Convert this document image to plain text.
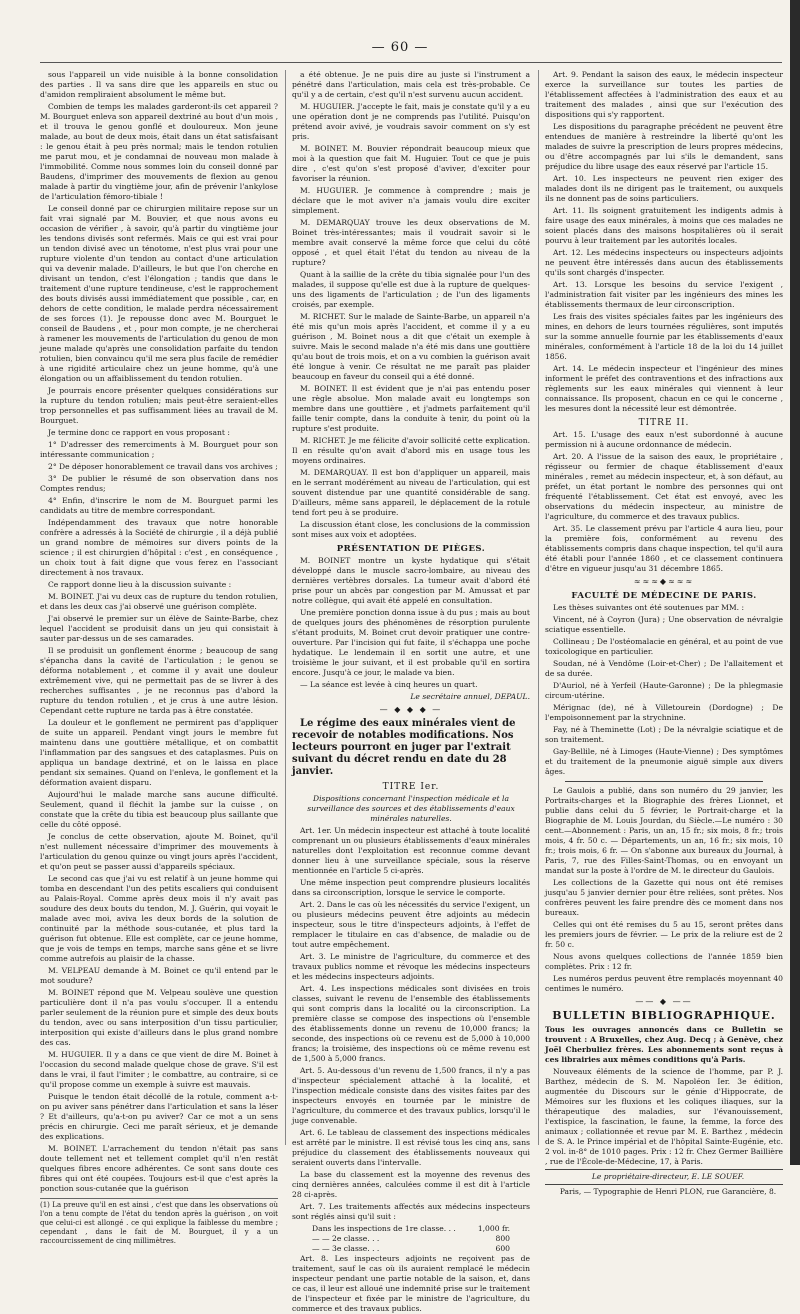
— 60 —

sous l'appareil un vide nuisible à la bonne consolidation des parties . Il va sans dire que les appareils en stuc ou d'amidon rempliraient absolument le même but.

Combien de temps les malades garderont-ils cet appareil ? M. Bourguet enleva son appareil dextriné au bout d'un mois , et il trouva le genou gonflé et douloureux. Mon jeune malade, au bout de deux mois, était dans un état satisfaisant : le genou était à peu près normal; mais le tendon rotulien me parut mou, et je condamnai de nouveau mon malade à l'immobilité. Comme nous sommes loin du conseil donné par Baudens, d'imprimer des mouvements de flexion au genou malade à partir du vingtième jour, afin de prévenir l'ankylose de l'articulation fémoro-tibiale !

Le conseil donné par ce chirurgien militaire repose sur un fait vrai signalé par M. Bouvier, et que nous avons eu occasion de vérifier , à savoir, qu'à partir du vingtième jour les tendons divisés sont refermés. Mais ce qui est vrai pour un tendon divisé avec un ténotome, n'est plus vrai pour une rupture violente d'un tendon au contact d'une articulation qui va devenir malade. D'ailleurs, le but que l'on cherche en divisant un tendon, c'est l'élongation ; tandis que dans le traitement d'une rupture tendineuse, c'est le rapprochement des bouts divisés aussi immédiatement que possible , car, en dehors de cette condition, le malade perdra nécessairement de ses forces (1). Je repousse donc avec M. Bourguet le conseil de Baudens , et , pour mon compte, je ne chercherai à ramener les mouvements de l'articulation du genou de mon jeune malade qu'après une consolidation parfaite du tendon rotulien, bien convaincu qu'il me sera plus facile de remédier à une rigidité articulaire chez un jeune homme, qu'à une élongation ou un affaiblissement du tendon rotulien.

Je pourrais encore présenter quelques considérations sur la rupture du tendon rotulien; mais peut-être seraient-elles trop personnelles et pas suffisamment liées au travail de M. Bourguet.

Je termine donc ce rapport en vous proposant :

1° D'adresser des remerciments à M. Bourguet pour son intéressante communication ;

2° De déposer honorablement ce travail dans vos archives ;

3° De publier le résumé de son observation dans nos Comptes rendus;

4° Enfin, d'inscrire le nom de M. Bourguet parmi les candidats au titre de membre correspondant.

Indépendamment des travaux que notre honorable confrère a adressés à la Société de chirurgie , il a déjà publié un grand nombre de mémoires sur divers points de la science ; il est chirurgien d'hôpital : c'est , en conséquence , un choix tout à fait digne que vous ferez en l'associant directement à nos travaux.

Ce rapport donne lieu à la discussion suivante :

M. BOINET. J'ai vu deux cas de rupture du tendon rotulien, et dans les deux cas j'ai observé une guérison complète.

J'ai observé le premier sur un élève de Sainte-Barbe, chez lequel l'accident se produisit dans un jeu qui consistait à sauter par-dessus un de ses camarades.

Il se produisit un gonflement énorme ; beaucoup de sang s'épancha dans la cavité de l'articulation ; le genou se déforma notablement , et comme il y avait une douleur extrêmement vive, qui ne permettait pas de se livrer à des recherches suffisantes , je ne reconnus pas d'abord la rupture du tendon rotulien , et je crus à une autre lésion. Cependant cette rupture ne tarda pas à être constatée.

La douleur et le gonflement ne permirent pas d'appliquer de suite un appareil. Pendant vingt jours le membre fut maintenu dans une gouttière métallique, et on combattit l'inflammation par des sangsues et des cataplasmes. Puis on appliqua un bandage dextriné, et on le laissa en place pendant six semaines. Quand on l'enleva, le gonflement et la déformation avaient disparu.

Aujourd'hui le malade marche sans aucune difficulté. Seulement, quand il fléchit la jambe sur la cuisse , on constate que la crête du tibia est beaucoup plus saillante que celle du côté opposé.

Je conclus de cette observation, ajoute M. Boinet, qu'il n'est nullement nécessaire d'imprimer des mouvements à l'articulation du genou quinze ou vingt jours après l'accident, et qu'on peut se passer aussi d'appareils spéciaux.

Le second cas que j'ai vu est relatif à un jeune homme qui tomba en descendant l'un des petits escaliers qui conduisent au Palais-Royal. Comme après deux mois il n'y avait pas soudure des deux bouts du tendon, M. J. Guérin, qui voyait le malade avec moi, avivа les deux bords de la solution de continuité par la méthode sous-cutanée, et plus tard la guérison fut obtenue. Elle est complète, car ce jeune homme, que je vois de temps en temps, marche sans gêne et se livre comme autrefois au plaisir de la chasse.

M. VELPEAU demande à M. Boinet ce qu'il entend par le mot soudure?

M. BOINET répond que M. Velpeau soulève une question particulière dont il n'a pas voulu s'occuper. Il a entendu parler seulement de la réunion pure et simple des deux bouts du tendon, avec ou sans interposition d'un tissu particulier, interposition qui existe d'ailleurs dans le plus grand nombre des cas.

M. HUGUIER. Il y a dans ce que vient de dire M. Boinet à l'occasion du second malade quelque chose de grave. S'il est dans le vrai, il faut l'imiter ; le combattre, au contraire, si ce qu'il propose comme un exemple à suivre est mauvais.

Puisque le tendon était décollé de la rotule, comment a-t-on pu aviver sans pénétrer dans l'articulation et sans la léser ? Et d'ailleurs, qu'a-t-on pu aviver? Car ce mot a un sens précis en chirurgie. Ceci me paraît sérieux, et je demande des explications.

M. BOINET. L'arrachement du tendon n'était pas sans doute tellement net et tellement complet qu'il n'en restât quelques fibres encore adhérentes. Ce sont sans doute ces fibres qui ont été coupées. Toujours est-il que c'est après la ponction sous-cutanée que la guérison

(1) La preuve qu'il en est ainsi , c'est que dans les observations où l'on a tenu compte de l'état du tendon après la guérison , on voit que celui-ci est allongé . ce qui explique la faiblesse du membre ; cependant , dans le fait de M. Bourguet, il y a un raccourcissement de cinq millimètres.

a été obtenue. Je ne puis dire au juste si l'instrument a pénétré dans l'articulation, mais cela est très-probable. Ce qu'il y a de certain, c'est qu'il n'est survenu aucun accident.

M. HUGUIER. J'accepte le fait, mais je constate qu'il y a eu une opération dont je ne comprends pas l'utilité. Puisqu'on prétend avoir avivé, je voudrais savoir comment on s'y est pris.

M. BOINET. M. Bouvier répondrait beaucoup mieux que moi à la question que fait M. Huguier. Tout ce que je puis dire , c'est qu'on s'est proposé d'aviver, d'exciter pour favoriser la réunion.

M. HUGUIER. Je commence à comprendre ; mais je déclare que le mot aviver n'a jamais voulu dire exciter simplement.

M. DEMARQUAY trouve les deux observations de M. Boinet très-intéressantes; mais il voudrait savoir si le membre avait conservé la même force que celui du côté opposé , et quel était l'état du tendon au niveau de la rupture?

Quant à la saillie de la crête du tibia signalée pour l'un des malades, il suppose qu'elle est due à la rupture de quelques-uns des ligaments de l'articulation ; de l'un des ligaments croisés, par exemple.

M. RICHET. Sur le malade de Sainte-Barbe, un appareil n'a été mis qu'un mois après l'accident, et comme il y a eu guérison , M. Boinet nous a dit que c'était un exemple à suivre. Mais le second malade n'a été mis dans une gouttière qu'au bout de trois mois, et on a vu combien la guérison avait été longue à venir. Ce résultat ne me paraît pas plaider beaucoup en faveur du conseil qui a été donné.

M. BOINET. Il est évident que je n'ai pas entendu poser une règle absolue. Mon malade avait eu longtemps son membre dans une gouttière , et j'admets parfaitement qu'il faille tenir compte, dans la conduite à tenir, du point où la rupture s'est produite.

M. RICHET. Je me félicite d'avoir sollicité cette explication. Il en résulte qu'on avait d'abord mis en usage tous les moyens ordinaires.

M. DEMARQUAY. Il est bon d'appliquer un appareil, mais en le serrant modérément au niveau de l'articulation, qui est souvent distendue par une quantité considérable de sang. D'ailleurs, même sans appareil, le déplacement de la rotule tend fort peu à se produire.

La discussion étant close, les conclusions de la commission sont mises aux voix et adoptées.

PRÉSENTATION DE PIÈGES.

M. BOINET montre un kyste hydatique qui s'était développé dans le muscle sacro-lombaire, au niveau des dernières vertèbres dorsales. La tumeur avait d'abord été prise pour un abcès par congestion par M. Amussat et par notre collègue, qui avait été appelé en consultation.

Une première ponction donna issue à du pus ; mais au bout de quelques jours des phénomènes de résorption purulente s'étant produits, M. Boinet crut devoir pratiquer une contre-ouverture. Par l'incision qui fut faite, il s'échappa une poche hydatique. Le lendemain il en sortit une autre, et une troisième le jour suivant, et il est probable qu'il en sortira encore. Jusqu'à ce jour, le malade va bien.

— La séance est levée à cinq heures un quart.

Le secrétaire annuel, DEPAUL.

— ◆ ◆ ◆ —

Le régime des eaux minérales vient de recevoir de notables modifications. Nos lecteurs pourront en juger par l'extrait suivant du décret rendu en date du 28 janvier.

TITRE Ier.

Dispositions concernant l'inspection médicale et la surveillance des sources et des établissements d'eaux minérales naturelles.

Art. 1er. Un médecin inspecteur est attaché à toute localité comprenant un ou plusieurs établissements d'eaux minérales naturelles dont l'exploitation est reconnue comme devant donner lieu à une surveillance spéciale, sous la réserve mentionnée en l'article 5 ci-après.

Une même inspection peut comprendre plusieurs localités dans sa circonscription, lorsque le service le comporte.

Art. 2. Dans le cas où les nécessités du service l'exigent, un ou plusieurs médecins peuvent être adjoints au médecin inspecteur, sous le titre d'inspecteurs adjoints, à l'effet de remplacer le titulaire en cas d'absence, de maladie ou de tout autre empêchement.

Art. 3. Le ministre de l'agriculture, du commerce et des travaux publics nomme et révoque les médecins inspecteurs et les médecins inspecteurs adjoints.

Art. 4. Les inspections médicales sont divisées en trois classes, suivant le revenu de l'ensemble des établissements qui sont compris dans la localité ou la circonscription. La première classe se compose des inspections où l'ensemble des établissements donne un revenu de 10,000 francs; la seconde, des inspections où ce revenu est de 5,000 à 10,000 francs; la troisième, des inspections où ce même revenu est de 1,500 à 5,000 francs.

Art. 5. Au-dessous d'un revenu de 1,500 francs, il n'y a pas d'inspecteur spécialement attaché à la localité, et l'inspection médicale consiste dans des visites faites par des inspecteurs envoyés en tournée par le ministre de l'agriculture, du commerce et des travaux publics, lorsqu'il le juge convenable.

Art. 6. Le tableau de classement des inspections médicales est arrêté par le ministre. Il est révisé tous les cinq ans, sans préjudice du classement des établissements nouveaux qui seraient ouverts dans l'intervalle.

La base du classement est la moyenne des revenus des cinq dernières années, calculées comme il est dit à l'article 28 ci-après.

Art. 7. Les traitements affectés aux médecins inspecteurs sont réglés ainsi qu'il suit :

Dans les inspections de 1re classe. . .	1,000 fr.
— — 2e classe. . .	800
— — 3e classe. . .	600

Art. 8. Les inspecteurs adjoints ne reçoivent pas de traitement, sauf le cas où ils auraient remplacé le médecin inspecteur pendant une partie notable de la saison, et, dans ce cas, il leur est alloué une indemnité prise sur le traitement de l'inspecteur et fixée par le ministre de l'agriculture, du commerce et des travaux publics.

Art. 9. Pendant la saison des eaux, le médecin inspecteur exerce la surveillance sur toutes les parties de l'établissement affectées à l'administration des eaux et au traitement des malades , ainsi que sur l'exécution des dispositions qui s'y rapportent.

Les dispositions du paragraphe précédent ne peuvent être entendues de manière à restreindre la liberté qu'ont les malades de suivre la prescription de leurs propres médecins, ou d'être accompagnés par lui s'ils le demandent, sans préjudice du libre usage des eaux réservé par l'article 15.

Art. 10. Les inspecteurs ne peuvent rien exiger des malades dont ils ne dirigent pas le traitement, ou auxquels ils ne donnent pas de soins particuliers.

Art. 11. Ils soignent gratuitement les indigents admis à faire usage des eaux minérales, à moins que ces malades ne soient placés dans des maisons hospitalières où il serait pourvu à leur traitement par les autorités locales.

Art. 12. Les médecins inspecteurs ou inspecteurs adjoints ne peuvent être intéressés dans aucun des établissements qu'ils sont chargés d'inspecter.

Art. 13. Lorsque les besoins du service l'exigent , l'administration fait visiter par les ingénieurs des mines les établissements thermaux de leur circonscription.

Les frais des visites spéciales faites par les ingénieurs des mines, en dehors de leurs tournées régulières, sont imputés sur la somme annuelle fournie par les établissements d'eaux minérales, conformément à l'article 18 de la loi du 14 juillet 1856.

Art. 14. Le médecin inspecteur et l'ingénieur des mines informent le préfet des contraventions et des infractions aux règlements sur les eaux minérales qui viennent à leur connaissance. Ils proposent, chacun en ce qui le concerne , les mesures dont la nécessité leur est démontrée.

TITRE II.

Art. 15. L'usage des eaux n'est subordonné à aucune permission ni à aucune ordonnance de médecin.

Art. 20. A l'issue de la saison des eaux, le propriétaire , régisseur ou fermier de chaque établissement d'eaux minérales , remet au médecin inspecteur, et, à son défaut, au préfet, un état portant le nombre des personnes qui ont fréquenté l'établissement. Cet état est envoyé, avec les observations du médecin inspecteur, au ministre de l'agriculture, du commerce et des travaux publics.

Art. 35. Le classement prévu par l'article 4 aura lieu, pour la première fois, conformément au revenu des établissements compris dans chaque inspection, tel qu'il aura été établi pour l'année 1860 , et ce classement continuera d'être en vigueur jusqu'au 31 décembre 1865.

≈≈≈◆≈≈≈
FACULTÉ DE MÉDECINE DE PARIS.

Les thèses suivantes ont été soutenues par MM. :

Vincent, né à Coyron (Jura) ; Une observation de névralgie sciatique essentielle.

Collineau ; De l'ostéomalacie en général, et au point de vue toxicologique en particulier.

Soudan, né à Vendôme (Loir-et-Cher) ; De l'allaitement et de sa durée.

D'Auriol, né à Yerfeil (Haute-Garonne) ; De la phlegmasie circum-utérine.

Mérignac (de), né à Villetourein (Dordogne) ; De l'empoisonnement par la strychnine.

Fay, né à Theminette (Lot) ; De la névralgie sciatique et de son traitement.

Gay-Bellile, né à Limoges (Haute-Vienne) ; Des symptômes et du traitement de la pneumonie aiguë simple aux divers âges.

Le Gaulois a publié, dans son numéro du 29 janvier, les Portraits-charges et la Biographie des frères Lionnet, et publie dans celui du 5 février, le Portrait-charge et la Biographie de M. Louis Jourdan, du Siècle.—Le numéro : 30 cent.—Abonnement : Paris, un an, 15 fr.; six mois, 8 fr.; trois mois, 4 fr. 50 c. — Départements, un an, 16 fr.; six mois, 10 fr.; trois mois, 6 fr. — On s'abonne aux bureaux du Journal, à Paris, 7, rue des Filles-Saint-Thomas, ou en envoyant un mandat sur la poste à l'ordre de M. le directeur du Gaulois.

Les collections de la Gazette qui nous ont été remises jusqu'au 5 janvier dernier pour être reliées, sont prêtes. Nos confrères peuvent les faire prendre dès ce moment dans nos bureaux.

Celles qui ont été remises du 5 au 15, seront prêtes dans les premiers jours de février. — Le prix de la reliure est de 2 fr. 50 c.

Nous avons quelques collections de l'année 1859 bien complètes. Prix : 12 fr.

Les numéros perdus peuvent être remplacés moyennant 40 centimes le numéro.

—— ◆ ——
BULLETIN BIBLIOGRAPHIQUE.

Tous les ouvrages annoncés dans ce Bulletin se trouvent : A Bruxelles, chez Aug. Decq ; à Genève, chez Joël Cherbuliez frères. Les abonnements sont reçus à ces librairies aux mêmes conditions qu'à Paris.

Nouveaux éléments de la science de l'homme, par P. J. Barthez, médecin de S. M. Napoléon Ier. 3e édition, augmentée du Discours sur le génie d'Hippocrate, de Mémoires sur les fluxions et les coliques iliaques, sur la thérapeutique des maladies, sur l'évanouissement, l'extispice, la fascination, le faune, la femme, la force des animaux ; collationnée et revue par M. E. Barthez , médecin de S. A. le Prince impérial et de l'hôpital Sainte-Eugénie, etc. 2 vol. in-8° de 1010 pages. Prix : 12 fr. Chez Germer Baillière , rue de l'École-de-Médecine, 17, à Paris.

Le propriétaire-directeur, E. LE SOUEF.

Paris, — Typographie de Henri PLON, rue Garancière, 8.
